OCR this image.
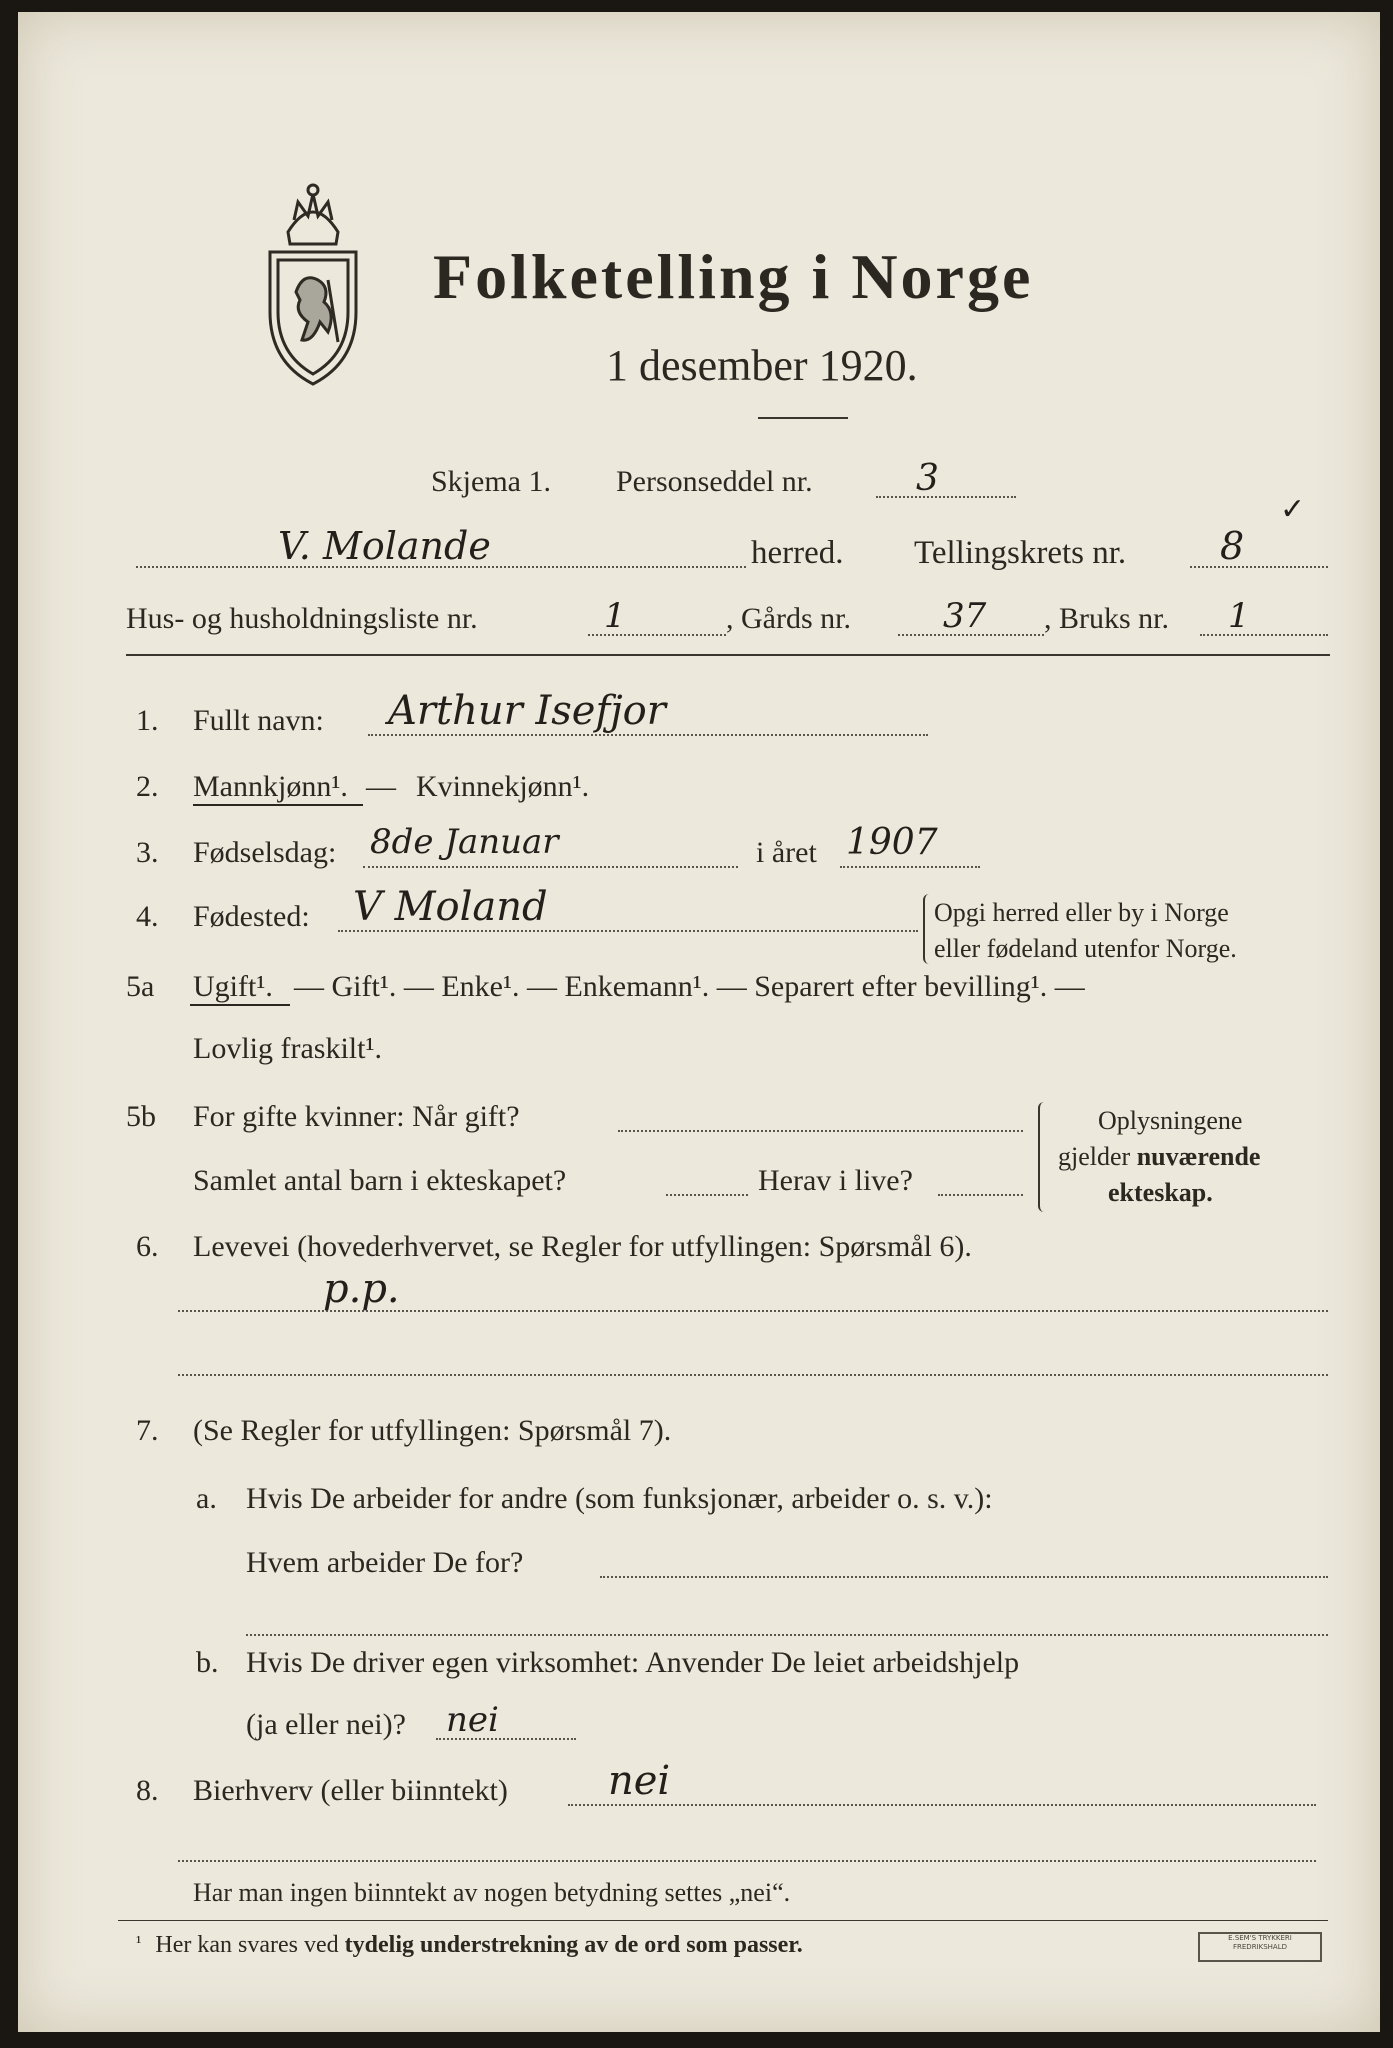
Folketelling i Norge
1 desember 1920.
Skjema 1. Personseddel nr.	3
V. Molande	herred. Tellingskrets nr. 8
✓
Hus- og husholdningsliste nr.	1	, Gårds nr.	37 , Bruks nr. 1
1. Fullt navn: Arthur Isefjor
2. Mannkjønn¹. — Kvinnekjønn¹.
3. Fødselsdag: 8de Januar	i året 1907
4. Fødested: V Moland	Opgi herred eller by i Norge
eller fødeland utenfor Norge.
5a Ugift¹. — Gift¹. — Enke¹. — Enkemann¹. — Separert efter bevilling¹. —
Lovlig fraskilt¹.
5b For gifte kvinner: Når gift?
Samlet antal barn i ekteskapet?	Herav i live?
Oplysningene
gjelder nuværende
ekteskap.
6. Levevei (hovederhvervet, se Regler for utfyllingen: Spørsmål 6).
p.p.
7. (Se Regler for utfyllingen: Spørsmål 7).
a. Hvis De arbeider for andre (som funksjonær, arbeider o. s. v.):
Hvem arbeider De for?
b. Hvis De driver egen virksomhet: Anvender De leiet arbeidshjelp
(ja eller nei)? nei
8. Bierhverv (eller biinntekt)	nei
Har man ingen biinntekt av nogen betydning settes „nei“.
$^{^1}$ Her kan svares ved tydelig understrekning av de ord som passer.	E.SEM'S TRYKKERI
FREDRIKSHALD
